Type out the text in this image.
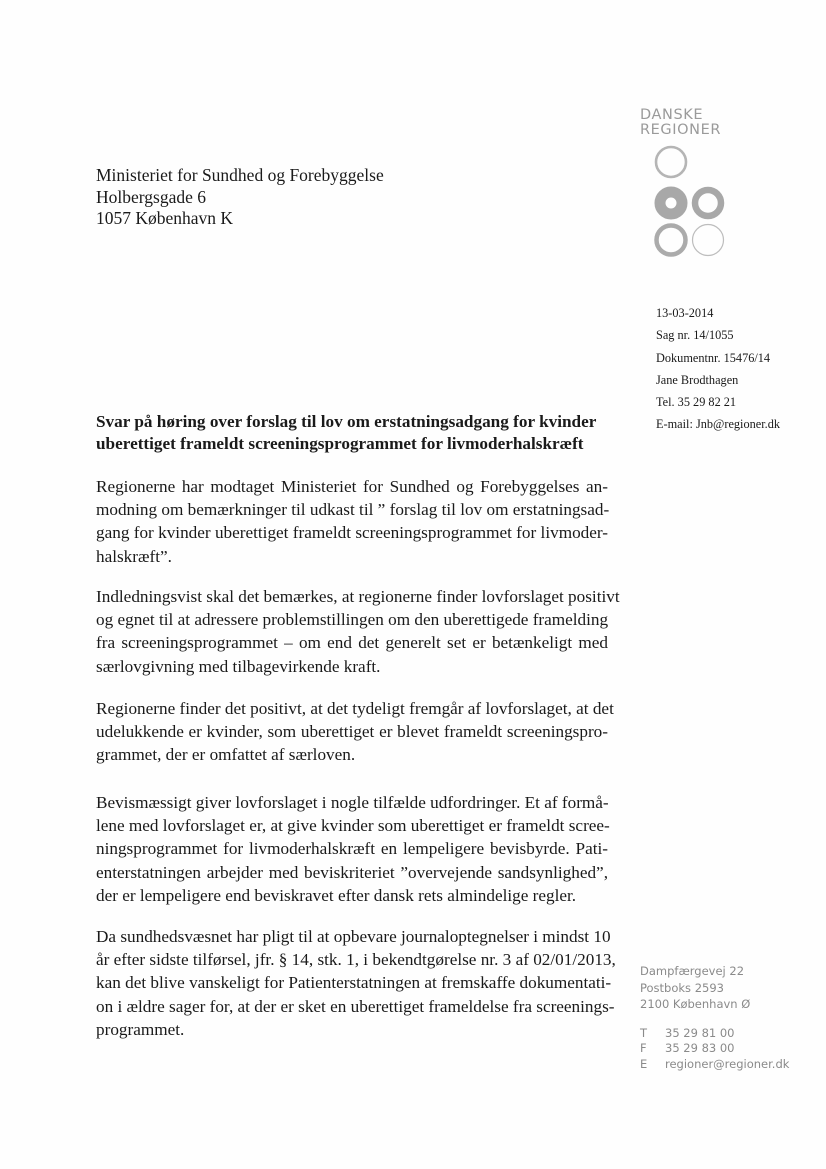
DANSKE
REGIONER
Ministeriet for Sundhed og Forebyggelse
Holbergsgade 6
1057 København K
13-03-2014
Sag nr. 14/1055
Dokumentnr. 15476/14
Jane Brodthagen
Tel. 35 29 82 21
E-mail: Jnb@regioner.dk
Svar på høring over forslag til lov om erstatningsadgang for kvinder
uberettiget frameldt screeningsprogrammet for livmoderhalskræft
Regionerne har modtaget Ministeriet for Sundhed og Forebyggelses an-
modning om bemærkninger til udkast til ” forslag til lov om erstatningsad-
gang for kvinder uberettiget frameldt screeningsprogrammet for livmoder-
halskræft”.
Indledningsvist skal det bemærkes, at regionerne finder lovforslaget positivt
og egnet til at adressere problemstillingen om den uberettigede framelding
fra screeningsprogrammet – om end det generelt set er betænkeligt med
særlovgivning med tilbagevirkende kraft.
Regionerne finder det positivt, at det tydeligt fremgår af lovforslaget, at det
udelukkende er kvinder, som uberettiget er blevet frameldt screeningspro-
grammet, der er omfattet af særloven.
Bevismæssigt giver lovforslaget i nogle tilfælde udfordringer. Et af formå-
lene med lovforslaget er, at give kvinder som uberettiget er frameldt scree-
ningsprogrammet for livmoderhalskræft en lempeligere bevisbyrde. Pati-
enterstatningen arbejder med beviskriteriet ”overvejende sandsynlighed”,
der er lempeligere end beviskravet efter dansk rets almindelige regler.
Da sundhedsvæsnet har pligt til at opbevare journaloptegnelser i mindst 10
år efter sidste tilførsel, jfr. § 14, stk. 1, i bekendtgørelse nr. 3 af 02/01/2013,
kan det blive vanskeligt for Patienterstatningen at fremskaffe dokumentati-
on i ældre sager for, at der er sket en uberettiget frameldelse fra screenings-
programmet.
Dampfærgevej 22
Postboks 2593
2100 København Ø
T	35 29 81 00
F	35 29 83 00
E	regioner@regioner.dk
